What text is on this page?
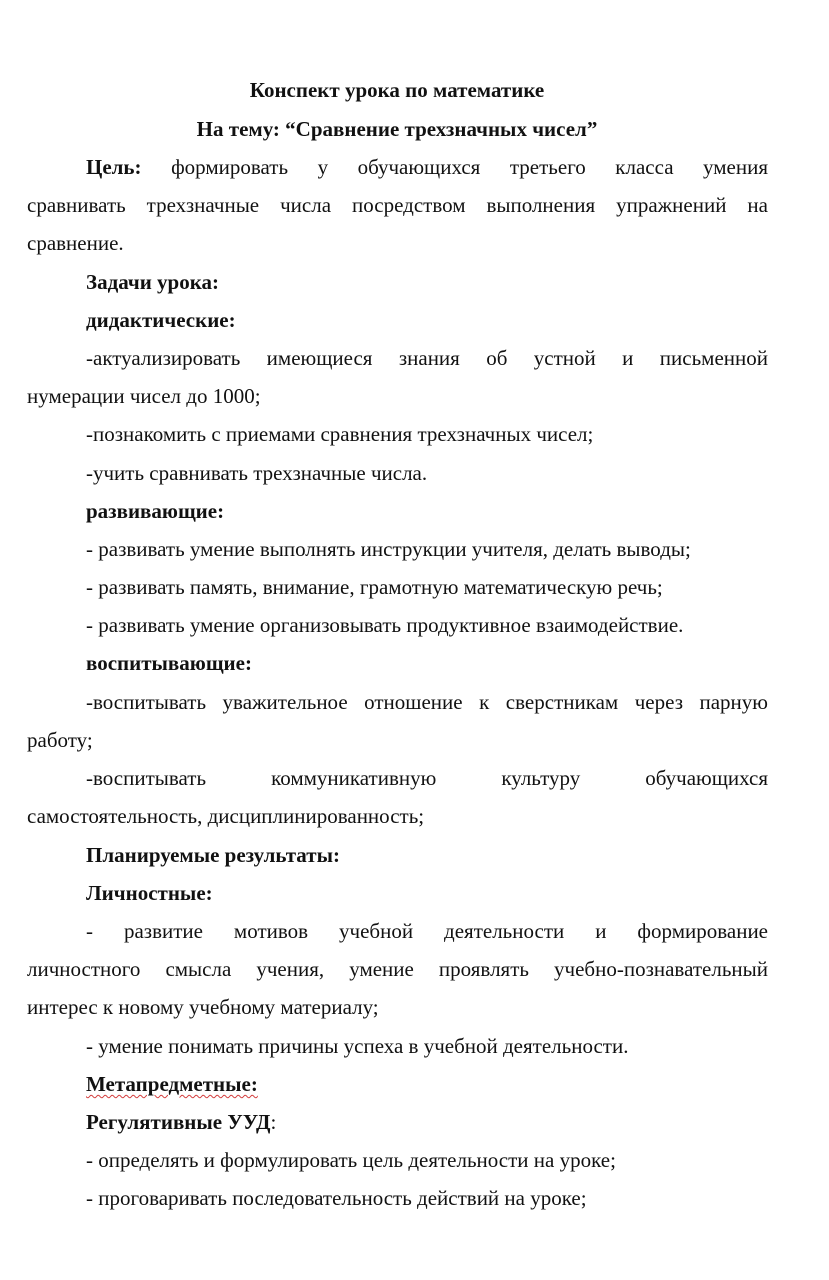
Конспект урока по математике
На тему: “Сравнение трехзначных чисел”
Цель: формировать у обучающихся третьего класса умения
сравнивать трехзначные числа посредством выполнения упражнений на
сравнение.
Задачи урока:
дидактические:
-актуализировать имеющиеся знания об устной и письменной
нумерации чисел до 1000;
-познакомить с приемами сравнения трехзначных чисел;
-учить сравнивать трехзначные числа.
развивающие:
- развивать умение выполнять инструкции учителя, делать выводы;
- развивать память, внимание, грамотную математическую речь;
- развивать умение организовывать продуктивное взаимодействие.
воспитывающие:
-воспитывать уважительное отношение к сверстникам через парную
работу;
-воспитывать коммуникативную культуру обучающихся
самостоятельность, дисциплинированность;
Планируемые результаты:
Личностные:
- развитие мотивов учебной деятельности и формирование
личностного смысла учения, умение проявлять учебно-познавательный
интерес к новому учебному материалу;
- умение понимать причины успеха в учебной деятельности.
Метапредметные:
Регулятивные УУД:
- определять и формулировать цель деятельности на уроке;
- проговаривать последовательность действий на уроке;
